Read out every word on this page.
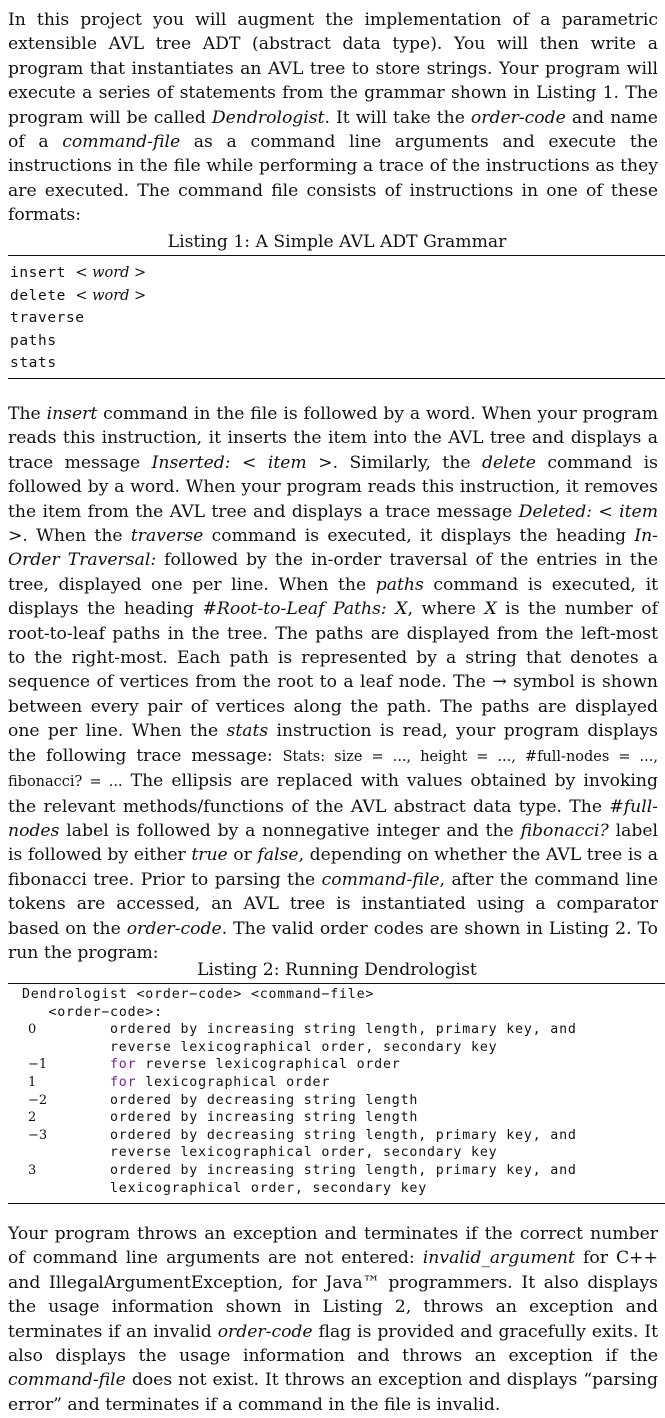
In this project you will augment the implementation of a parametric extensible AVL tree ADT (abstract data type). You will then write a program that instantiates an AVL tree to store strings. Your program will execute a series of statements from the grammar shown in Listing 1. The program will be called Dendrologist. It will take the order-code and name of a command-file as a command line arguments and execute the instructions in the file while performing a trace of the instructions as they are executed. The command file consists of instructions in one of these formats:

Listing 1: A Simple AVL ADT Grammar
insert < word >
delete < word >
traverse
paths
stats

The insert command in the file is followed by a word. When your program reads this instruction, it inserts the item into the AVL tree and displays a trace message Inserted: < item >. Similarly, the delete command is followed by a word. When your program reads this instruction, it removes the item from the AVL tree and displays a trace message Deleted: < item >. When the traverse command is executed, it displays the heading In-Order Traversal: followed by the in-order traversal of the entries in the tree, displayed one per line. When the paths command is executed, it displays the heading #Root-to-Leaf Paths: X, where X is the number of root-to-leaf paths in the tree. The paths are displayed from the left-most to the right-most. Each path is represented by a string that denotes a sequence of vertices from the root to a leaf node. The → symbol is shown between every pair of vertices along the path. The paths are displayed one per line. When the stats instruction is read, your program displays the following trace message: Stats: size = ..., height = ..., #full-nodes = ..., fibonacci? = ... The ellipsis are replaced with values obtained by invoking the relevant methods/functions of the AVL abstract data type. The #full-nodes label is followed by a nonnegative integer and the fibonacci? label is followed by either true or false, depending on whether the AVL tree is a fibonacci tree. Prior to parsing the command-file, after the command line tokens are accessed, an AVL tree is instantiated using a comparator based on the order-code. The valid order codes are shown in Listing 2. To run the program:

Listing 2: Running Dendrologist
Dendrologist <order−code> <command−file>
<order−code>:
0	ordered by increasing string length, primary key, and
reverse lexicographical order, secondary key
−1	for reverse lexicographical order
1	for lexicographical order
−2	ordered by decreasing string length
2	ordered by increasing string length
−3	ordered by decreasing string length, primary key, and
reverse lexicographical order, secondary key
3	ordered by increasing string length, primary key, and
lexicographical order, secondary key

Your program throws an exception and terminates if the correct number of command line arguments are not entered: invalid_argument for C++ and IllegalArgumentException, for Java™ programmers. It also displays the usage information shown in Listing 2, throws an exception and terminates if an invalid order-code flag is provided and gracefully exits. It also displays the usage information and throws an exception if the command-file does not exist. It throws an exception and displays “parsing error” and terminates if a command in the file is invalid.
